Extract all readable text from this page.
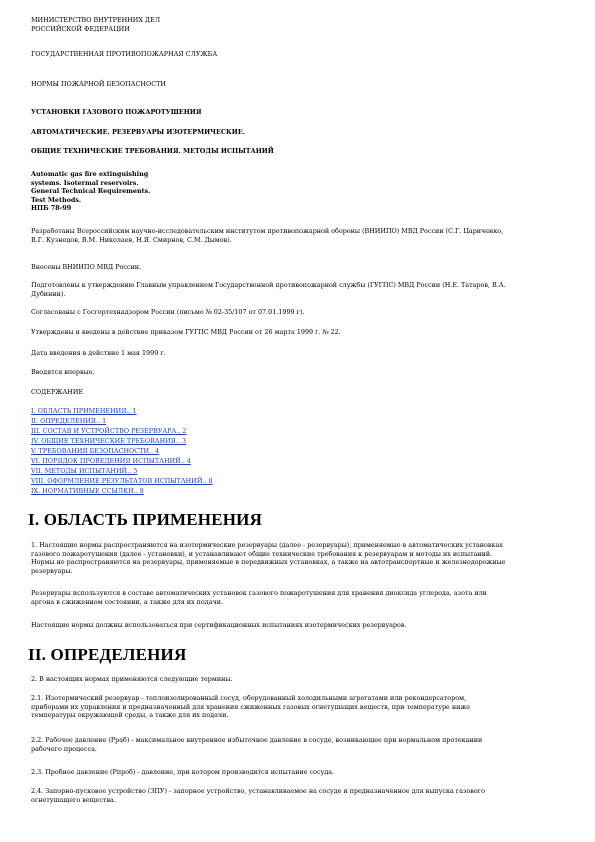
МИНИСТЕРСТВО ВНУТРЕННИХ ДЕЛ
РОССИЙСКОЙ ФЕДЕРАЦИИ
ГОСУДАРСТВЕННАЯ ПРОТИВОПОЖАРНАЯ СЛУЖБА
НОРМЫ ПОЖАРНОЙ БЕЗОПАСНОСТИ
УСТАНОВКИ ГАЗОВОГО ПОЖАРОТУШЕНИЯ
АВТОМАТИЧЕСКИЕ. РЕЗЕРВУАРЫ ИЗОТЕРМИЧЕСКИЕ.
ОБЩИЕ ТЕХНИЧЕСКИЕ ТРЕБОВАНИЯ. МЕТОДЫ ИСПЫТАНИЙ
Automatic gas fire extinguishing
systems. Isotermal reservoirs.
General Technical Requirements.
Test Methods.
НПБ 78-99
Разработаны Всероссийским научно-исследовательским институтом противопожарной обороны (ВНИИПО) МВД России (С.Г. Цариченко,
В.Г. Кузнецов, В.М. Николаев, Н.Я. Смирнов, С.М. Дымов).
Внесены ВНИИПО МВД России.
Подготовлены к утверждению Главным управлением Государственной противопожарной службы (ГУГПС) МВД России (Н.Е. Татаров, В.А.
Дубинин).
Согласованы с Госгортехнадзором России (письмо № 02-35/107 от 07.01.1999 г).
Утверждены и введены в действие приказом ГУГПС МВД России от 26 марта 1999 г. № 22.
Дата введения в действие 1 мая 1999 г.
Вводятся впервые.
СОДЕРЖАНИЕ
I. ОБЛАСТЬ ПРИМЕНЕНИЯ.. 1
II. ОПРЕДЕЛЕНИЯ.. 1
III. СОСТАВ И УСТРОЙСТВО РЕЗЕРВУАРА.. 2
IV. ОБЩИЕ ТЕХНИЧЕСКИЕ ТРЕБОВАНИЯ.. 3
V. ТРЕБОВАНИЯ БЕЗОПАСНОСТИ.. 4
VI. ПОРЯДОК ПРОВЕДЕНИЯ ИСПЫТАНИЙ.. 4
VII. МЕТОДЫ ИСПЫТАНИЙ.. 5
VIII. ОФОРМЛЕНИЕ РЕЗУЛЬТАТОВ ИСПЫТАНИЙ.. 8
IX. НОРМАТИВНЫЕ ССЫЛКИ.. 8
I. ОБЛАСТЬ ПРИМЕНЕНИЯ
1. Настоящие нормы распространяются на изотермические резервуары (далее - резервуары), применяемые в автоматических установках
газового пожаротушения (далее - установки), и устанавливают общие технические требования к резервуарам и методы их испытаний.
Нормы не распространяются на резервуары, применяемые в передвижных установках, а также на автотранспортные и железнодорожные
резервуары.
Резервуары используются в составе автоматических установок газового пожаротушения для хранения диоксида углерода, азота или
аргона в сжиженном состоянии, а также для их подачи.
Настоящие нормы должны использоваться при сертификационных испытаниях изотермических резервуаров.
II. ОПРЕДЕЛЕНИЯ
2. В настоящих нормах применяются следующие термины.
2.1. Изотермический резервуар - теплоизолированный сосуд, оборудованный холодильными агрегатами или рекондерсатором,
приборами их управления и предназначенный для хранения сжиженных газовых огнетушащих веществ, при температуре ниже
температуры окружающей среды, а также для их подачи.
2.2. Рабочее давление (Рраб) - максимальное внутреннее избыточное давление в сосуде, возникающее при нормальном протекании
рабочего процесса.
2.3. Пробное давление (Рпроб) - давление, при котором производится испытание сосуда.
2.4. Запорно-пусковое устройство (ЗПУ) - запорное устройство, устанавливаемое на сосуде и предназначенное для выпуска газового
огнетушащего вещества.
